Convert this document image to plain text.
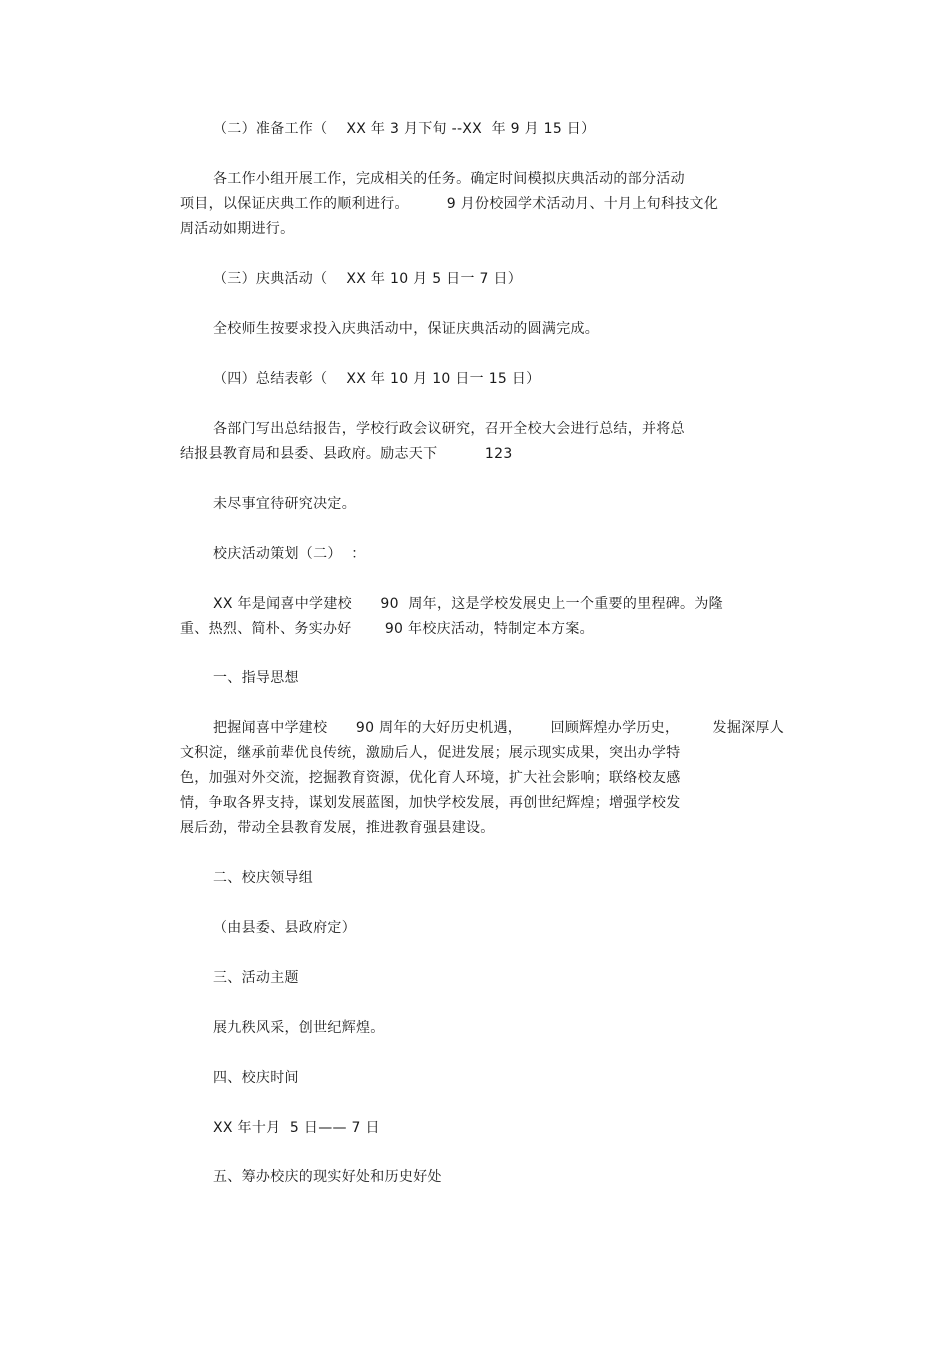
（二）准备工作（    XX 年 3 月下旬 --XX  年 9 月 15 日）
各工作小组开展工作，完成相关的任务。确定时间模拟庆典活动的部分活动
项目，以保证庆典工作的顺利进行。        9 月份校园学术活动月、十月上旬科技文化
周活动如期进行。
（三）庆典活动（    XX 年 10 月 5 日一 7 日）
全校师生按要求投入庆典活动中，保证庆典活动的圆满完成。
（四）总结表彰（    XX 年 10 月 10 日一 15 日）
各部门写出总结报告，学校行政会议研究，召开全校大会进行总结，并将总
结报县教育局和县委、县政府。励志天下          123
未尽事宜待研究决定。
校庆活动策划（二）  ：
XX 年是闻喜中学建校      90  周年，这是学校发展史上一个重要的里程碑。为隆
重、热烈、简朴、务实办好       90 年校庆活动，特制定本方案。
一、指导思想
把握闻喜中学建校      90 周年的大好历史机遇，      回顾辉煌办学历史，       发掘深厚人
文积淀，继承前辈优良传统，激励后人，促进发展；展示现实成果，突出办学特
色，加强对外交流，挖掘教育资源，优化育人环境，扩大社会影响；联络校友感
情，争取各界支持，谋划发展蓝图，加快学校发展，再创世纪辉煌；增强学校发
展后劲，带动全县教育发展，推进教育强县建设。
二、校庆领导组
（由县委、县政府定）
三、活动主题
展九秩风采，创世纪辉煌。
四、校庆时间
XX 年十月  5 日—— 7 日
五、筹办校庆的现实好处和历史好处
